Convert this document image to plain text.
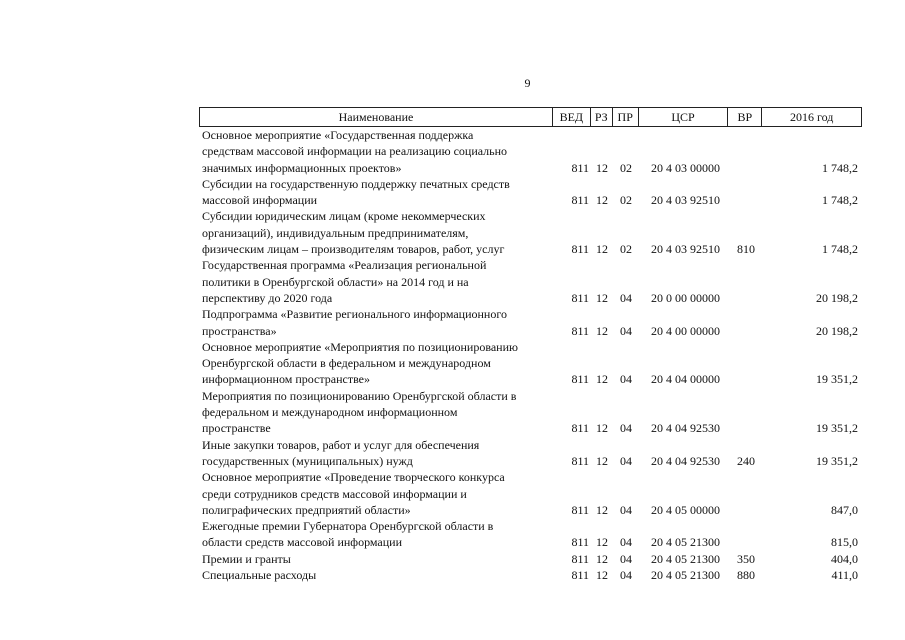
9
Наименование	ВЕД РЗ ПР	ЦСР	ВР	2016 год
Основное мероприятие «Государственная поддержка
средствам массовой информации на реализацию социально
значимых информационных проектов»	811 12	02	20 4 03 00000	1 748,2
Субсидии на государственную поддержку печатных средств
массовой информации	811 12	02	20 4 03 92510	1 748,2
Субсидии юридическим лицам (кроме некоммерческих
организаций), индивидуальным предпринимателям,
физическим лицам – производителям товаров, работ, услуг	811 12	02	20 4 03 92510	810	1 748,2
Государственная программа «Реализация региональной
политики в Оренбургской области» на 2014 год и на
перспективу до 2020 года	811 12	04	20 0 00 00000	20 198,2
Подпрограмма «Развитие регионального информационного
пространства»	811 12	04	20 4 00 00000	20 198,2
Основное мероприятие «Мероприятия по позиционированию
Оренбургской области в федеральном и международном
информационном пространстве»	811 12	04	20 4 04 00000	19 351,2
Мероприятия по позиционированию Оренбургской области в
федеральном и международном информационном
пространстве	811 12	04	20 4 04 92530	19 351,2
Иные закупки товаров, работ и услуг для обеспечения
государственных (муниципальных) нужд	811 12	04	20 4 04 92530	240	19 351,2
Основное мероприятие «Проведение творческого конкурса
среди сотрудников средств массовой информации и
полиграфических предприятий области»	811 12	04	20 4 05 00000	847,0
Ежегодные премии Губернатора Оренбургской области в
области средств массовой информации	811 12	04	20 4 05 21300	815,0
Премии и гранты	811 12	04	20 4 05 21300	350	404,0
Специальные расходы	811 12	04	20 4 05 21300	880	411,0
